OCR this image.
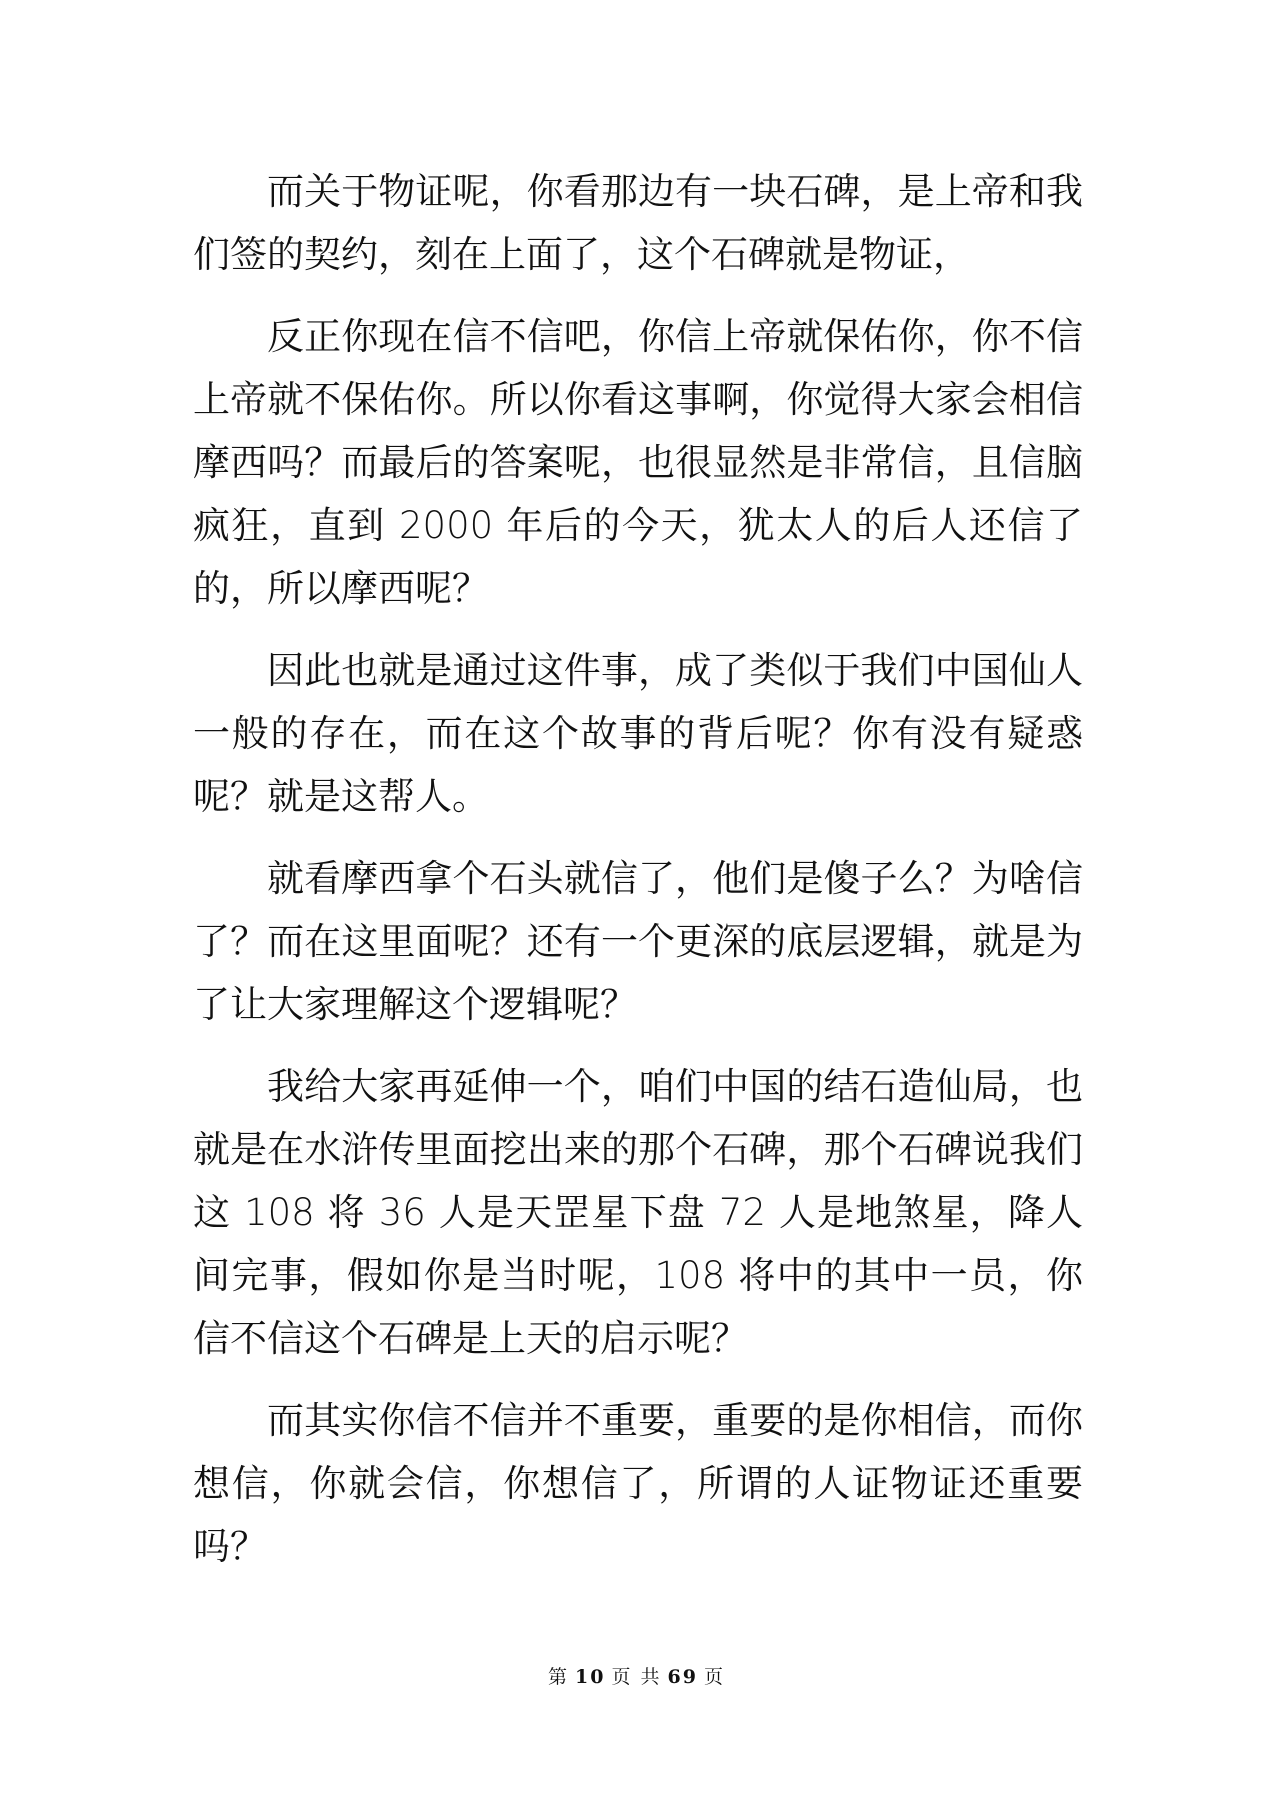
而关于物证呢，你看那边有一块石碑，是上帝和我们签的契约，刻在上面了，这个石碑就是物证，

反正你现在信不信吧，你信上帝就保佑你，你不信上帝就不保佑你。所以你看这事啊，你觉得大家会相信摩西吗？而最后的答案呢，也很显然是非常信，且信脑疯狂，直到 2000 年后的今天，犹太人的后人还信了的，所以摩西呢？

因此也就是通过这件事，成了类似于我们中国仙人一般的存在，而在这个故事的背后呢？你有没有疑惑呢？就是这帮人。

就看摩西拿个石头就信了，他们是傻子么？为啥信了？而在这里面呢？还有一个更深的底层逻辑，就是为了让大家理解这个逻辑呢？

我给大家再延伸一个，咱们中国的结石造仙局，也就是在水浒传里面挖出来的那个石碑，那个石碑说我们这 108 将 36 人是天罡星下盘 72 人是地煞星，降人间完事，假如你是当时呢，108 将中的其中一员，你信不信这个石碑是上天的启示呢？

而其实你信不信并不重要，重要的是你相信，而你想信，你就会信，你想信了，所谓的人证物证还重要吗？

第 10 页 共 69 页
